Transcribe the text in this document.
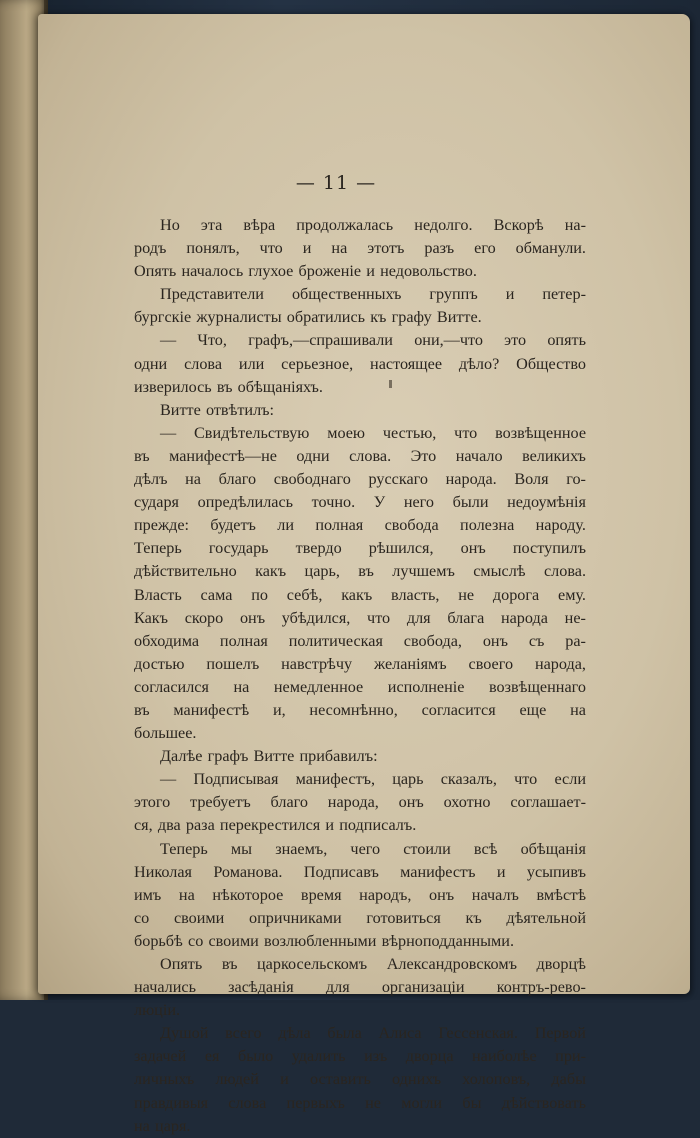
— 11 —
Но эта вѣра продолжалась недолго. Вскорѣ на-
родъ понялъ, что и на этотъ разъ его обманули.
Опять началось глухое броженіе и недовольство.
Представители общественныхъ группъ и петер-
бургскіе журналисты обратились къ графу Витте.
— Что, графъ,—спрашивали они,—что это опять
одни слова или серьезное, настоящее дѣло? Общество
изверилось въ обѣщаніяхъ.
Витте отвѣтилъ:
— Свидѣтельствую моею честью, что возвѣщенное
въ манифестѣ—не одни слова. Это начало великихъ
дѣлъ на благо свободнаго русскаго народа. Воля го-
сударя опредѣлилась точно. У него были недоумѣнія
прежде: будетъ ли полная свобода полезна народу.
Теперь государь твердо рѣшился, онъ поступилъ
дѣйствительно какъ царь, въ лучшемъ смыслѣ слова.
Власть сама по себѣ, какъ власть, не дорога ему.
Какъ скоро онъ убѣдился, что для блага народа не-
обходима полная политическая свобода, онъ съ ра-
достью пошелъ навстрѣчу желаніямъ своего народа,
согласился на немедленное исполненіе возвѣщеннаго
въ манифестѣ и, несомнѣнно, согласится еще на
большее.
Далѣе графъ Витте прибавилъ:
— Подписывая манифестъ, царь сказалъ, что если
этого требуетъ благо народа, онъ охотно соглашает-
ся, два раза перекрестился и подписалъ.
Теперь мы знаемъ, чего стоили всѣ обѣщанія
Николая Романова. Подписавъ манифестъ и усыпивъ
имъ на нѣкоторое время народъ, онъ началъ вмѣстѣ
со своими опричниками готовиться къ дѣятельной
борьбѣ со своими возлюбленными вѣрноподданными.
Опять въ царкосельскомъ Александровскомъ дворцѣ
начались засѣданія для организаціи контръ-рево-
люціи.
Душой всего дѣла была Алиса Гессенская. Первой
задачей ея было удалить изъ дворца наиболѣе при-
личныхъ людей и оставить однихъ холоповъ, дабы
правдивыя слова первыхъ не могли бы дѣйствовать
на царя.
